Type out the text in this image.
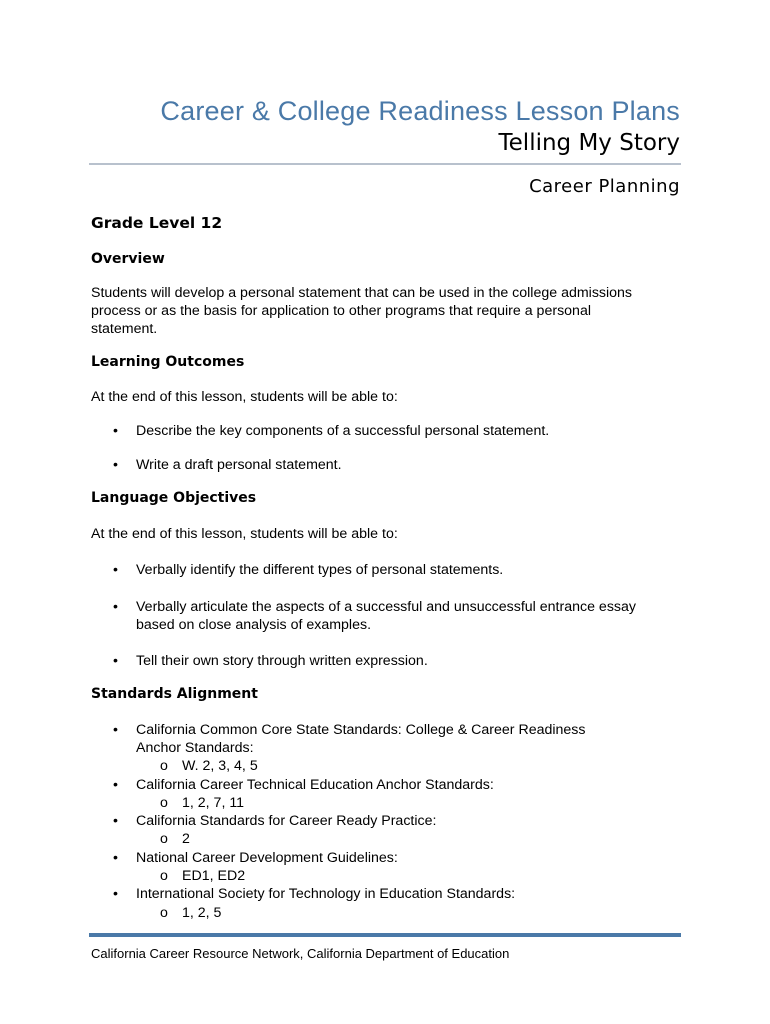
Career & College Readiness Lesson Plans
Telling My Story
Career Planning
Grade Level 12
Overview
Students will develop a personal statement that can be used in the college admissions
process or as the basis for application to other programs that require a personal
statement.
Learning Outcomes
At the end of this lesson, students will be able to:
•	Describe the key components of a successful personal statement.
•	Write a draft personal statement.
Language Objectives
At the end of this lesson, students will be able to:
•	Verbally identify the different types of personal statements.
•	Verbally articulate the aspects of a successful and unsuccessful entrance essay
based on close analysis of examples.
•	Tell their own story through written expression.
Standards Alignment
•	California Common Core State Standards: College & Career Readiness
Anchor Standards:
o W. 2, 3, 4, 5
•	California Career Technical Education Anchor Standards:
o 1, 2, 7, 11
•	California Standards for Career Ready Practice:
o 2
•	National Career Development Guidelines:
o ED1, ED2
•	International Society for Technology in Education Standards:
o 1, 2, 5
California Career Resource Network, California Department of Education
